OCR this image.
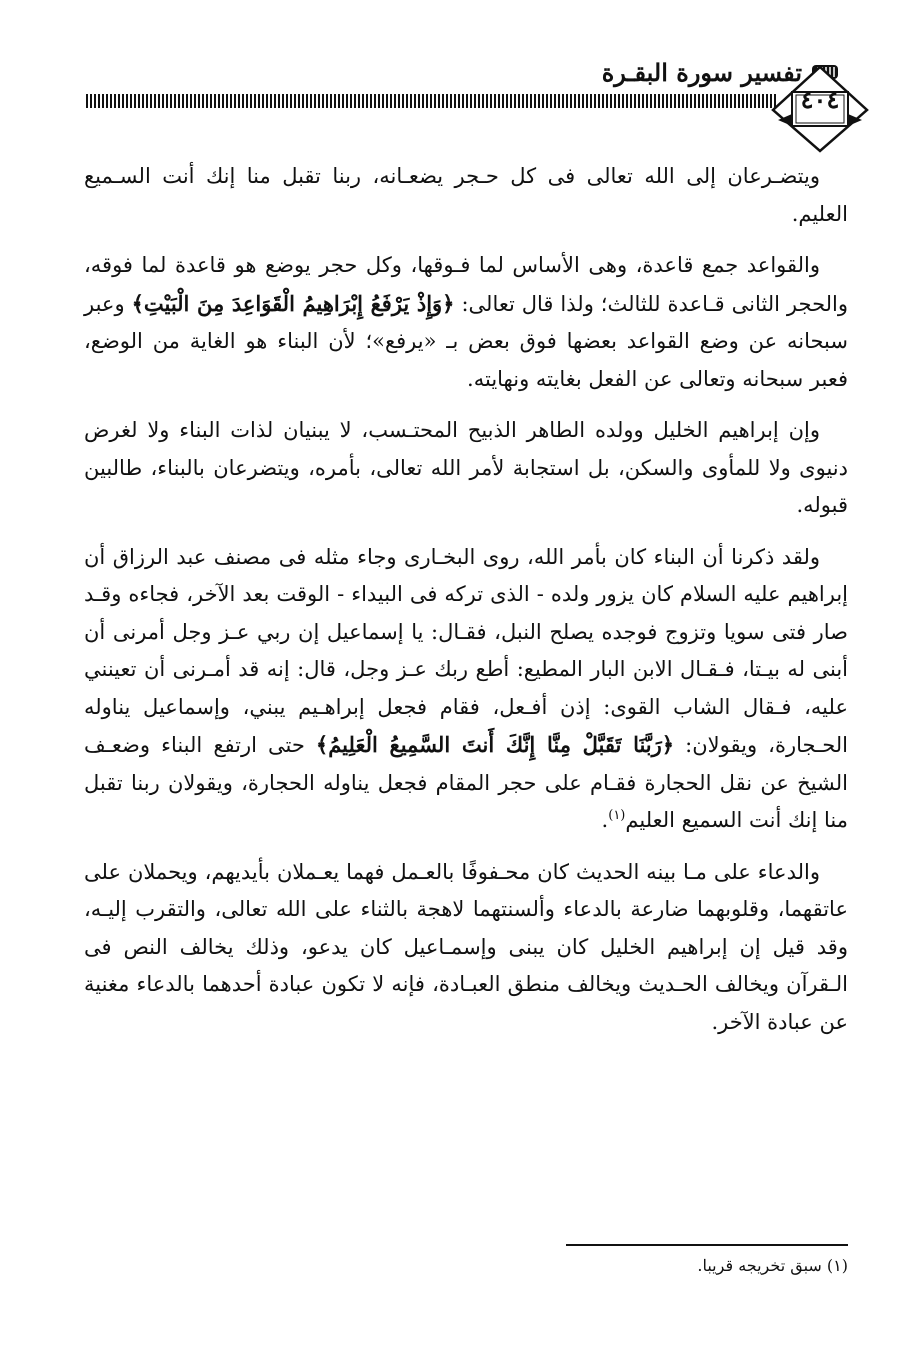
تفسير سورة البقـرة
٤٠٤

ويتضـرعان إلى الله تعالى فى كل حـجر يضعـانه، ربنا تقبل منا إنك أنت السـميع العليم.

والقواعد جمع قاعدة، وهى الأساس لما فـوقها، وكل حجر يوضع هو قاعدة لما فوقه، والحجر الثانى قـاعدة للثالث؛ ولذا قال تعالى: ﴿وَإِذْ يَرْفَعُ إِبْرَاهِيمُ الْقَوَاعِدَ مِنَ الْبَيْتِ﴾ وعبر سبحانه عن وضع القواعد بعضها فوق بعض بـ «يرفع»؛ لأن البناء هو الغاية من الوضع، فعبر سبحانه وتعالى عن الفعل بغايته ونهايته.

وإن إبراهيم الخليل وولده الطاهر الذبيح المحتـسب، لا يبنيان لذات البناء ولا لغرض دنيوى ولا للمأوى والسكن، بل استجابة لأمر الله تعالى، بأمره، ويتضرعان بالبناء، طالبين قبوله.

ولقد ذكرنا أن البناء كان بأمر الله، روى البخـارى وجاء مثله فى مصنف عبد الرزاق أن إبراهيم عليه السلام كان يزور ولده - الذى تركه فى البيداء - الوقت بعد الآخر، فجاءه وقـد صار فتى سويا وتزوج فوجده يصلح النبل، فقـال: يا إسماعيل إن ربي عـز وجل أمرنى أن أبنى له بيـتا، فـقـال الابن البار المطيع: أطع ربك عـز وجل، قال: إنه قد أمـرنى أن تعينني عليه، فـقال الشاب القوى: إذن أفـعل، فقام فجعل إبراهـيم يبني، وإسماعيل يناوله الحـجارة، ويقولان: ﴿رَبَّنَا تَقَبَّلْ مِنَّا إِنَّكَ أَنتَ السَّمِيعُ الْعَلِيمُ﴾ حتى ارتفع البناء وضعـف الشيخ عن نقل الحجارة فقـام على حجر المقام فجعل يناوله الحجارة، ويقولان ربنا تقبل منا إنك أنت السميع العليم$^{(١)}$.

والدعاء على مـا بينه الحديث كان محـفوفًا بالعـمل فهما يعـملان بأيديهم، ويحملان على عاتقهما، وقلوبهما ضارعة بالدعاء وألسنتهما لاهجة بالثناء على الله تعالى، والتقرب إليـه، وقد قيل إن إبراهيم الخليل كان يبنى وإسمـاعيل كان يدعو، وذلك يخالف النص فى الـقرآن ويخالف الحـديث ويخالف منطق العبـادة، فإنه لا تكون عبادة أحدهما بالدعاء مغنية عن عبادة الآخر.

(١) سبق تخريجه قريبا.
